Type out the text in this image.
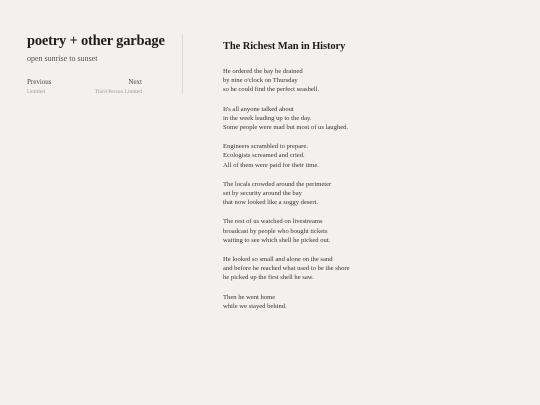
poetry + other garbage
open sunrise to sunset
Previous
Untitled
Next
Third Person Limited
The Richest Man in History

He ordered the bay be drained
by nine o'clock on Thursday
so he could find the perfect seashell.

It's all anyone talked about
in the week leading up to the day.
Some people were mad but most of us laughed.

Engineers scrambled to prepare.
Ecologists screamed and cried.
All of them were paid for their time.

The locals crowded around the perimeter
set by security around the bay
that now looked like a soggy desert.

The rest of us watched on livestreams
broadcast by people who bought tickets
waiting to see which shell he picked out.

He looked so small and alone on the sand
and before he reached what used to be the shore
he picked up the first shell he saw.

Then he went home
while we stayed behind.
